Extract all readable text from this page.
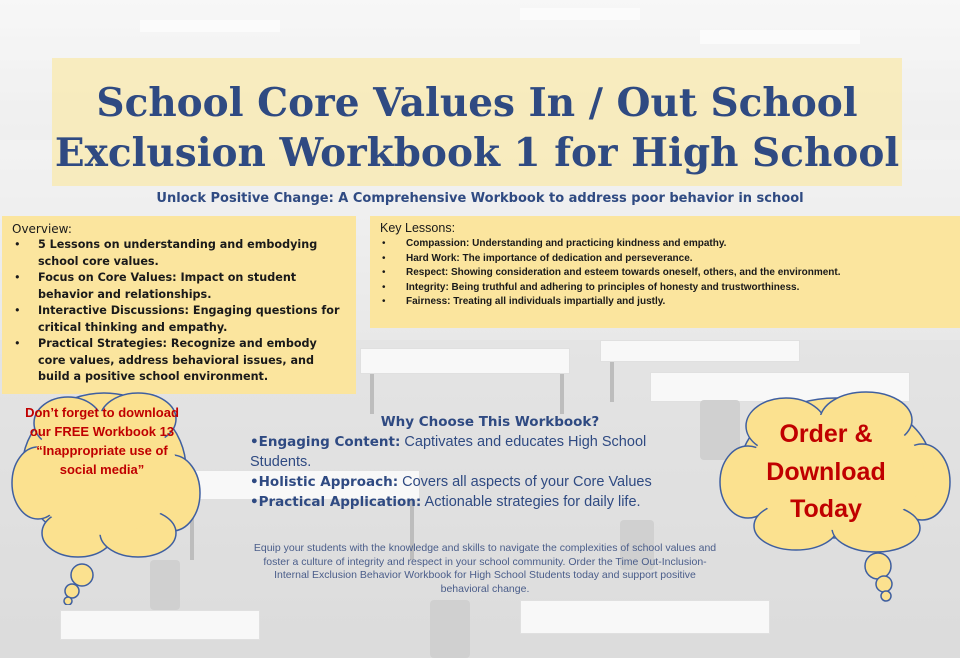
School Core Values In / Out School
Exclusion Workbook 1 for High School
Unlock Positive Change: A Comprehensive Workbook to address poor behavior in school
Overview:
• 5 Lessons on understanding and embodying school core values.
• Focus on Core Values: Impact on student behavior and relationships.
• Interactive Discussions: Engaging questions for critical thinking and empathy.
• Practical Strategies: Recognize and embody core values, address behavioral issues, and build a positive school environment.
Key Lessons:
• Compassion: Understanding and practicing kindness and empathy.
• Hard Work: The importance of dedication and perseverance.
• Respect: Showing consideration and esteem towards oneself, others, and the environment.
• Integrity: Being truthful and adhering to principles of honesty and trustworthiness.
• Fairness: Treating all individuals impartially and justly.
Why Choose This Workbook?
•Engaging Content: Captivates and educates High School Students.
•Holistic Approach: Covers all aspects of your Core Values
•Practical Application: Actionable strategies for daily life.
Equip your students with the knowledge and skills to navigate the complexities of school values and foster a culture of integrity and respect in your school community. Order the Time Out-Inclusion- Internal Exclusion Behavior Workbook for High School Students today and support positive behavioral change.
Don’t forget to download our FREE Workbook 13 “Inappropriate use of social media”
Order & Download Today
